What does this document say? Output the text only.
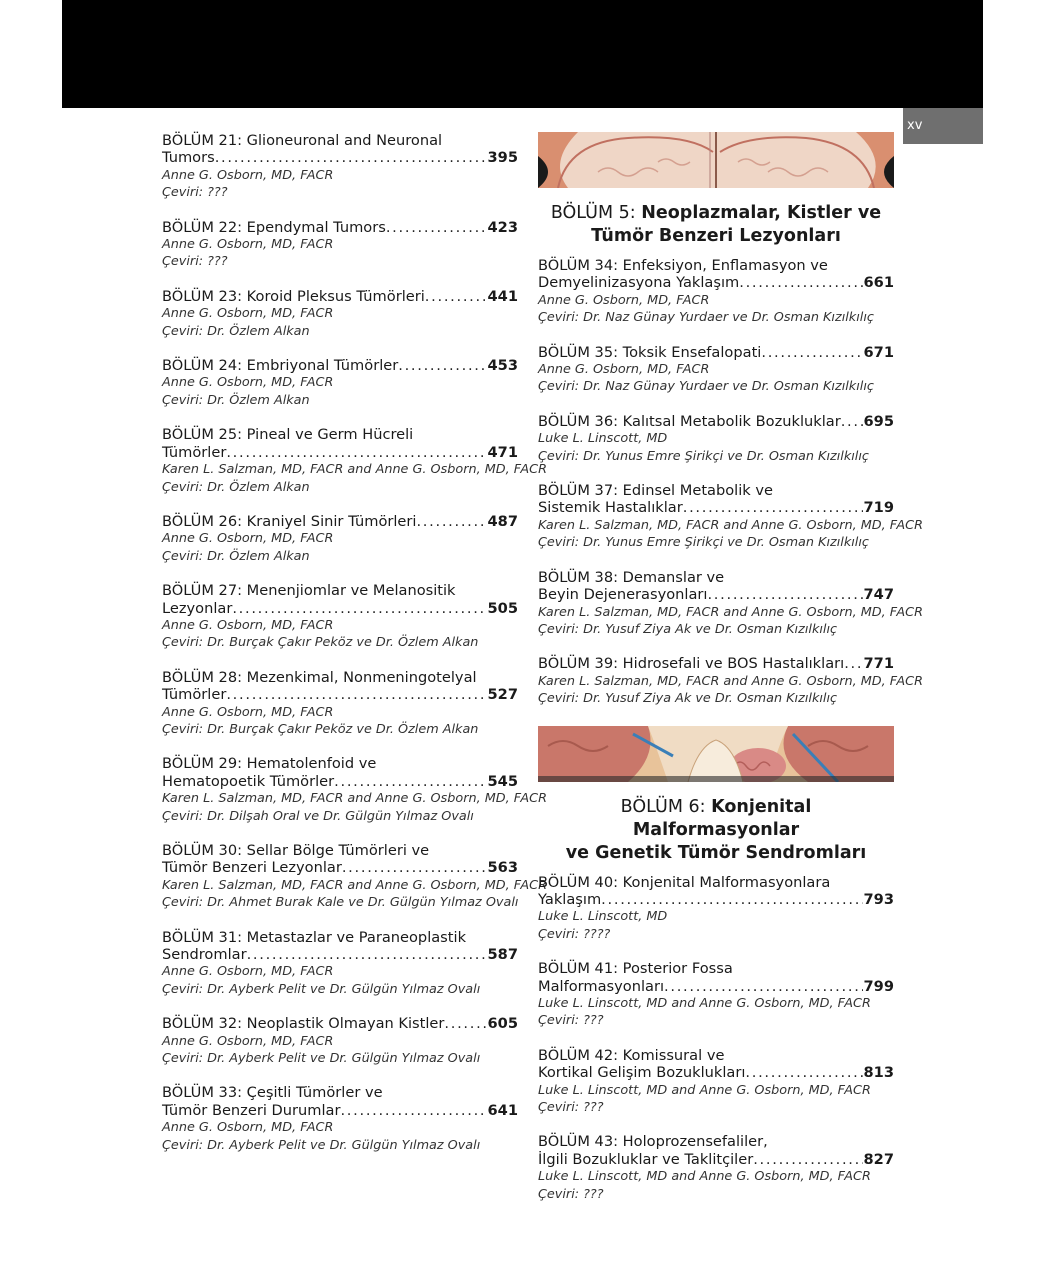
xv
BÖLÜM 21: Glioneuronal and Neuronal
Tumors .....	395
Anne G. Osborn, MD, FACR
Çeviri: ???
BÖLÜM 22: Ependymal Tumors .....	423
Anne G. Osborn, MD, FACR
Çeviri: ???
BÖLÜM 23: Koroid Pleksus Tümörleri .....	441
Anne G. Osborn, MD, FACR
Çeviri: Dr. Özlem Alkan
BÖLÜM 24: Embriyonal Tümörler .....	453
Anne G. Osborn, MD, FACR
Çeviri: Dr. Özlem Alkan
BÖLÜM 25: Pineal ve Germ Hücreli
Tümörler .....	471
Karen L. Salzman, MD, FACR and Anne G. Osborn, MD, FACR
Çeviri: Dr. Özlem Alkan
BÖLÜM 26: Kraniyel Sinir Tümörleri .....	487
Anne G. Osborn, MD, FACR
Çeviri: Dr. Özlem Alkan
BÖLÜM 27: Menenjiomlar ve Melanositik
Lezyonlar .....	505
Anne G. Osborn, MD, FACR
Çeviri: Dr. Burçak Çakır Peköz ve Dr. Özlem Alkan
BÖLÜM 28: Mezenkimal, Nonmeningotelyal
Tümörler .....	527
Anne G. Osborn, MD, FACR
Çeviri: Dr. Burçak Çakır Peköz ve Dr. Özlem Alkan
BÖLÜM 29: Hematolenfoid ve
Hematopoetik Tümörler .....	545
Karen L. Salzman, MD, FACR and Anne G. Osborn, MD, FACR
Çeviri: Dr. Dilşah Oral ve Dr. Gülgün Yılmaz Ovalı
BÖLÜM 30: Sellar Bölge Tümörleri ve
Tümör Benzeri Lezyonlar .....	563
Karen L. Salzman, MD, FACR and Anne G. Osborn, MD, FACR
Çeviri: Dr. Ahmet Burak Kale ve Dr. Gülgün Yılmaz Ovalı
BÖLÜM 31: Metastazlar ve Paraneoplastik
Sendromlar .....	587
Anne G. Osborn, MD, FACR
Çeviri: Dr. Ayberk Pelit ve Dr. Gülgün Yılmaz Ovalı
BÖLÜM 32: Neoplastik Olmayan Kistler .....	605
Anne G. Osborn, MD, FACR
Çeviri: Dr. Ayberk Pelit ve Dr. Gülgün Yılmaz Ovalı
BÖLÜM 33: Çeşitli Tümörler ve
Tümör Benzeri Durumlar .....	641
Anne G. Osborn, MD, FACR
Çeviri: Dr. Ayberk Pelit ve Dr. Gülgün Yılmaz Ovalı
BÖLÜM 5: Neoplazmalar, Kistler ve
Tümör Benzeri Lezyonları
BÖLÜM 34: Enfeksiyon, Enflamasyon ve
Demyelinizasyona Yaklaşım .....	661
Anne G. Osborn, MD, FACR
Çeviri: Dr. Naz Günay Yurdaer ve Dr. Osman Kızılkılıç
BÖLÜM 35: Toksik Ensefalopati .....	671
Anne G. Osborn, MD, FACR
Çeviri: Dr. Naz Günay Yurdaer ve Dr. Osman Kızılkılıç
BÖLÜM 36: Kalıtsal Metabolik Bozukluklar ..... 695
Luke L. Linscott, MD
Çeviri: Dr. Yunus Emre Şirikçi ve Dr. Osman Kızılkılıç
BÖLÜM 37: Edinsel Metabolik ve
Sistemik Hastalıklar .....	719
Karen L. Salzman, MD, FACR and Anne G. Osborn, MD, FACR
Çeviri: Dr. Yunus Emre Şirikçi ve Dr. Osman Kızılkılıç
BÖLÜM 38: Demanslar ve
Beyin Dejenerasyonları .....	747
Karen L. Salzman, MD, FACR and Anne G. Osborn, MD, FACR
Çeviri: Dr. Yusuf Ziya Ak ve Dr. Osman Kızılkılıç
BÖLÜM 39: Hidrosefali ve BOS Hastalıkları ..... 771
Karen L. Salzman, MD, FACR and Anne G. Osborn, MD, FACR
Çeviri: Dr. Yusuf Ziya Ak ve Dr. Osman Kızılkılıç
BÖLÜM 6: Konjenital Malformasyonlar
ve Genetik Tümör Sendromları
BÖLÜM 40: Konjenital Malformasyonlara
Yaklaşım .....	793
Luke L. Linscott, MD
Çeviri: ????
BÖLÜM 41: Posterior Fossa
Malformasyonları .....	799
Luke L. Linscott, MD and Anne G. Osborn, MD, FACR
Çeviri: ???
BÖLÜM 42: Komissural ve
Kortikal Gelişim Bozuklukları .....	813
Luke L. Linscott, MD and Anne G. Osborn, MD, FACR
Çeviri: ???
BÖLÜM 43: Holoprozensefaliler,
İlgili Bozukluklar ve Taklitçiler .....	827
Luke L. Linscott, MD and Anne G. Osborn, MD, FACR
Çeviri: ???
